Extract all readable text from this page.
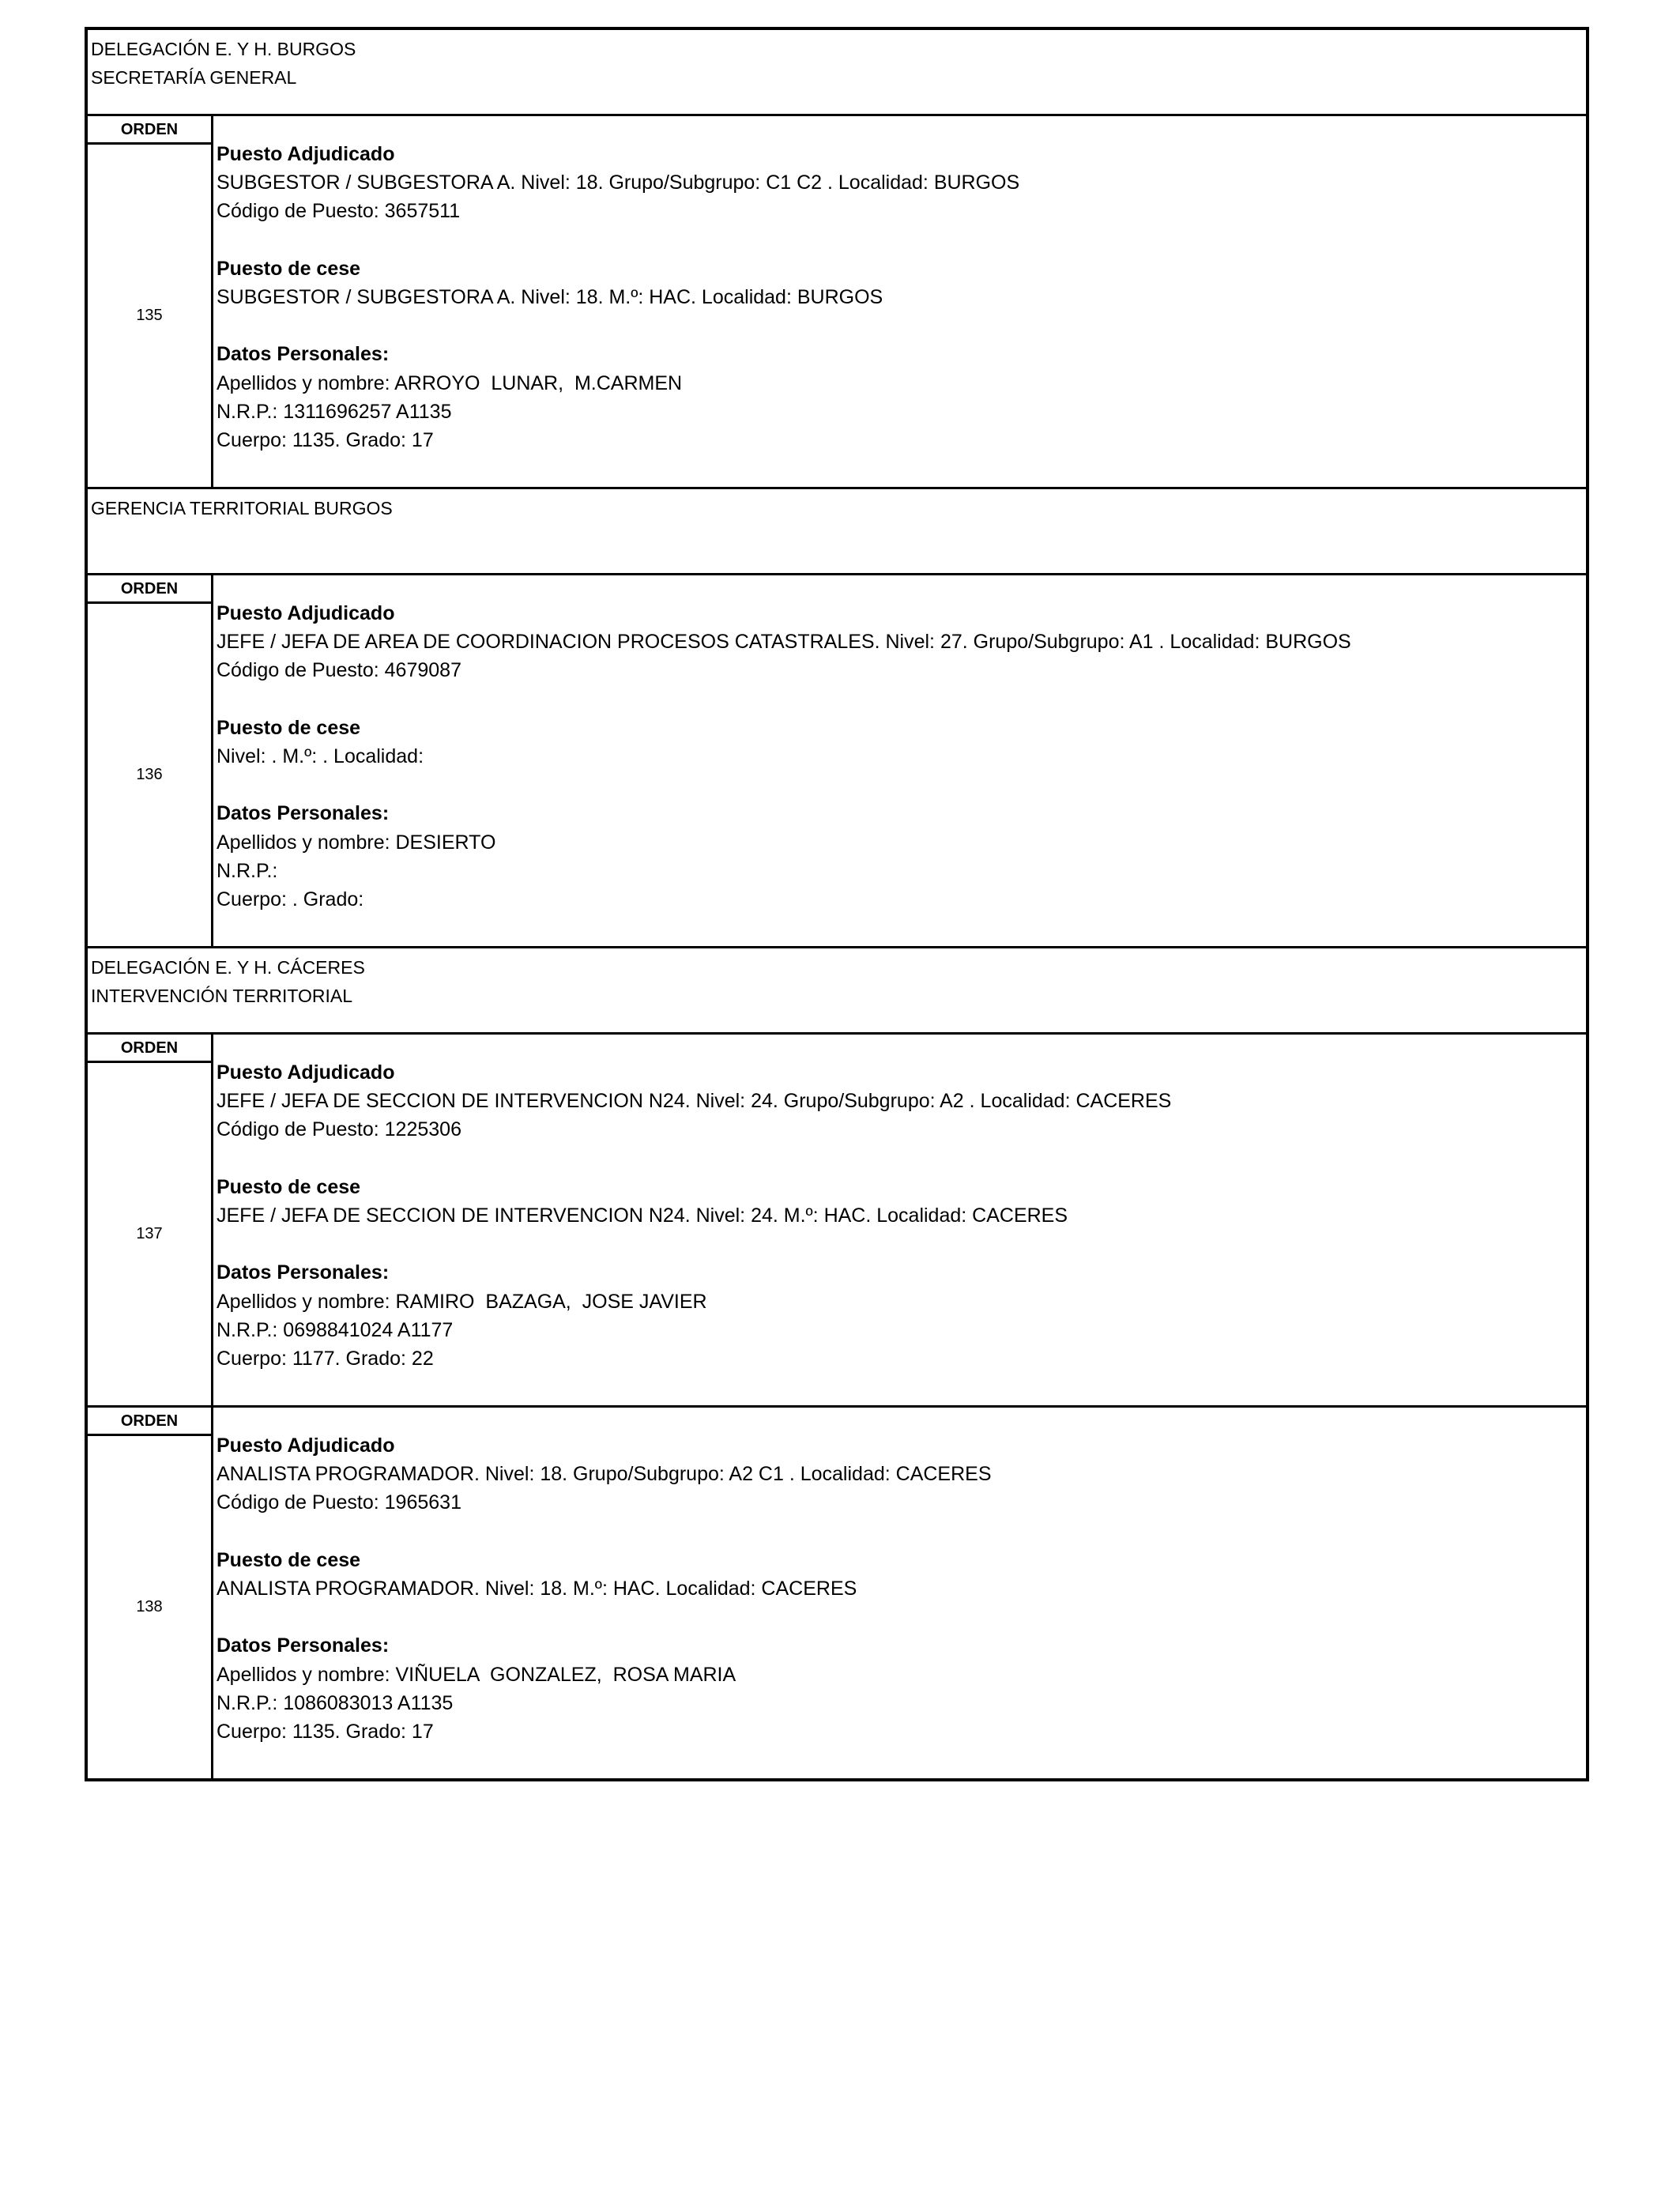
DELEGACIÓN E. Y H. BURGOS
SECRETARÍA GENERAL
ORDEN
135
Puesto Adjudicado
SUBGESTOR / SUBGESTORA A. Nivel: 18. Grupo/Subgrupo: C1 C2 . Localidad: BURGOS
Código de Puesto: 3657511
Puesto de cese
SUBGESTOR / SUBGESTORA A. Nivel: 18. M.º: HAC. Localidad: BURGOS
Datos Personales:
Apellidos y nombre: ARROYO  LUNAR,  M.CARMEN
N.R.P.: 1311696257 A1135
Cuerpo: 1135. Grado: 17
GERENCIA TERRITORIAL BURGOS
ORDEN
136
Puesto Adjudicado
JEFE / JEFA DE AREA DE COORDINACION PROCESOS CATASTRALES. Nivel: 27. Grupo/Subgrupo: A1 . Localidad: BURGOS
Código de Puesto: 4679087
Puesto de cese
Nivel: . M.º: . Localidad:
Datos Personales:
Apellidos y nombre: DESIERTO
N.R.P.:
Cuerpo: . Grado:
DELEGACIÓN E. Y H. CÁCERES
INTERVENCIÓN TERRITORIAL
ORDEN
137
Puesto Adjudicado
JEFE / JEFA DE SECCION DE INTERVENCION N24. Nivel: 24. Grupo/Subgrupo: A2 . Localidad: CACERES
Código de Puesto: 1225306
Puesto de cese
JEFE / JEFA DE SECCION DE INTERVENCION N24. Nivel: 24. M.º: HAC. Localidad: CACERES
Datos Personales:
Apellidos y nombre: RAMIRO  BAZAGA,  JOSE JAVIER
N.R.P.: 0698841024 A1177
Cuerpo: 1177. Grado: 22
ORDEN
138
Puesto Adjudicado
ANALISTA PROGRAMADOR. Nivel: 18. Grupo/Subgrupo: A2 C1 . Localidad: CACERES
Código de Puesto: 1965631
Puesto de cese
ANALISTA PROGRAMADOR. Nivel: 18. M.º: HAC. Localidad: CACERES
Datos Personales:
Apellidos y nombre: VIÑUELA  GONZALEZ,  ROSA MARIA
N.R.P.: 1086083013 A1135
Cuerpo: 1135. Grado: 17
